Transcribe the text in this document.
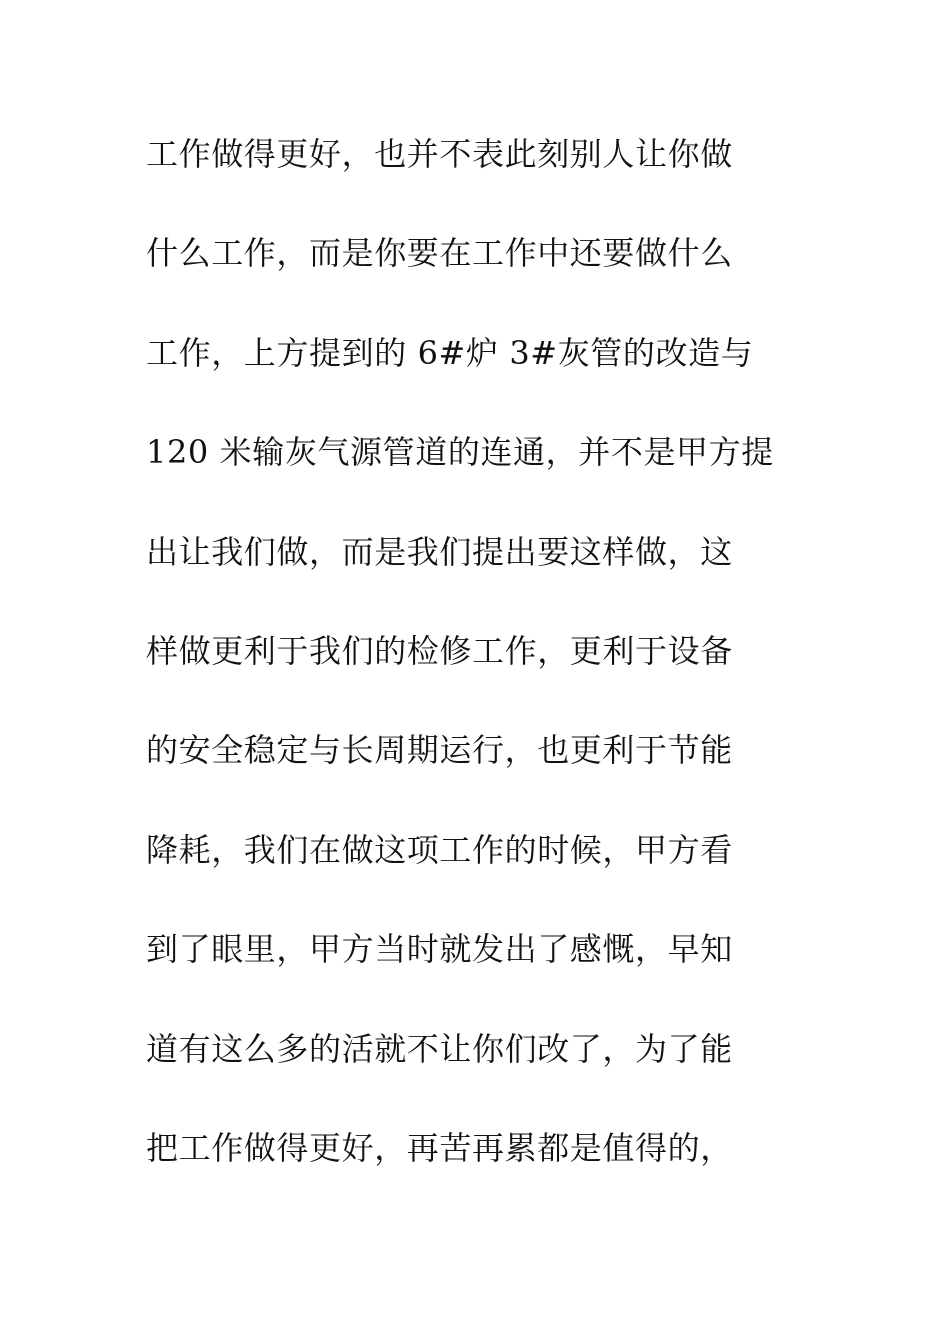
工作做得更好，也并不表此刻别人让你做
什么工作，而是你要在工作中还要做什么
工作，上方提到的 6#炉 3#灰管的改造与
120 米输灰气源管道的连通，并不是甲方提
出让我们做，而是我们提出要这样做，这
样做更利于我们的检修工作，更利于设备
的安全稳定与长周期运行，也更利于节能
降耗，我们在做这项工作的时候，甲方看
到了眼里，甲方当时就发出了感慨，早知
道有这么多的活就不让你们改了，为了能
把工作做得更好，再苦再累都是值得的，
